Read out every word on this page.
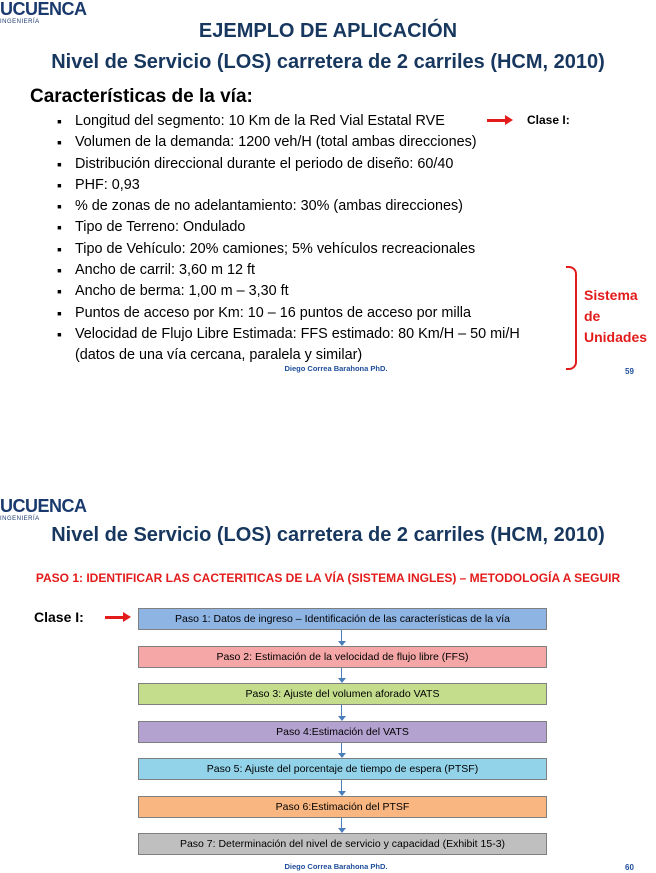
UCUENCA
INGENIERÍA	EJEMPLO DE APLICACIÓN
Nivel de Servicio (LOS) carretera de 2 carriles (HCM, 2010)
Características de la vía:
▪ Longitud del segmento: 10 Km de la Red Vial Estatal RVE
▪ Volumen de la demanda: 1200 veh/H (total ambas direcciones)
▪ Distribución direccional durante el periodo de diseño: 60/40
▪ PHF: 0,93
▪ % de zonas de no adelantamiento: 30% (ambas direcciones)
▪ Tipo de Terreno: Ondulado
▪ Tipo de Vehículo: 20% camiones; 5% vehículos recreacionales
▪ Ancho de carril: 3,60 m 12 ft
▪ Ancho de berma: 1,00 m – 3,30 ft
▪ Puntos de acceso por Km: 10 – 16 puntos de acceso por milla
▪ Velocidad de Flujo Libre Estimada: FFS estimado: 80 Km/H – 50 mi/H
(datos de una vía cercana, paralela y similar)
Clase I:
Sistema
de
Unidades
Diego Correa Barahona PhD.	59
UCUENCA
INGENIERÍA
Nivel de Servicio (LOS) carretera de 2 carriles (HCM, 2010)
PASO 1: IDENTIFICAR LAS CACTERITICAS DE LA VÍA (SISTEMA INGLES) – METODOLOGÍA A SEGUIR
Clase I:	Paso 1: Datos de ingreso – Identificación de las características de la vía
Paso 2: Estimación de la velocidad de flujo libre (FFS)
Paso 3: Ajuste del volumen aforado VATS
Paso 4:Estimación del VATS
Paso 5: Ajuste del porcentaje de tiempo de espera (PTSF)
Paso 6:Estimación del PTSF
Paso 7: Determinación del nivel de servicio y capacidad (Exhibit 15-3)
Diego Correa Barahona PhD.	60
